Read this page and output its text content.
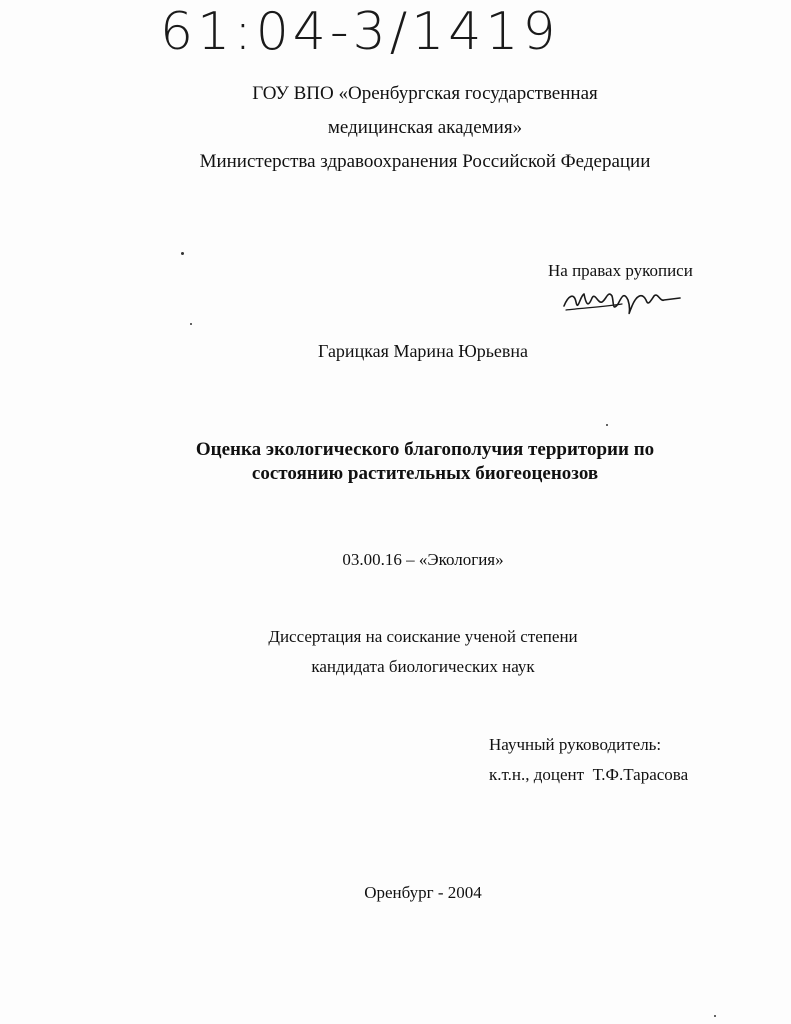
61:04-3/1419
ГОУ ВПО «Оренбургская государственная
медицинская академия»
Министерства здравоохранения Российской Федерации
На правах рукописи
Гарицкая Марина Юрьевна
Оценка экологического благополучия территории по
состоянию растительных биогеоценозов
03.00.16 – «Экология»
Диссертация на соискание ученой степени
кандидата биологических наук
Научный руководитель:
к.т.н., доцент  Т.Ф.Тарасова
Оренбург - 2004
